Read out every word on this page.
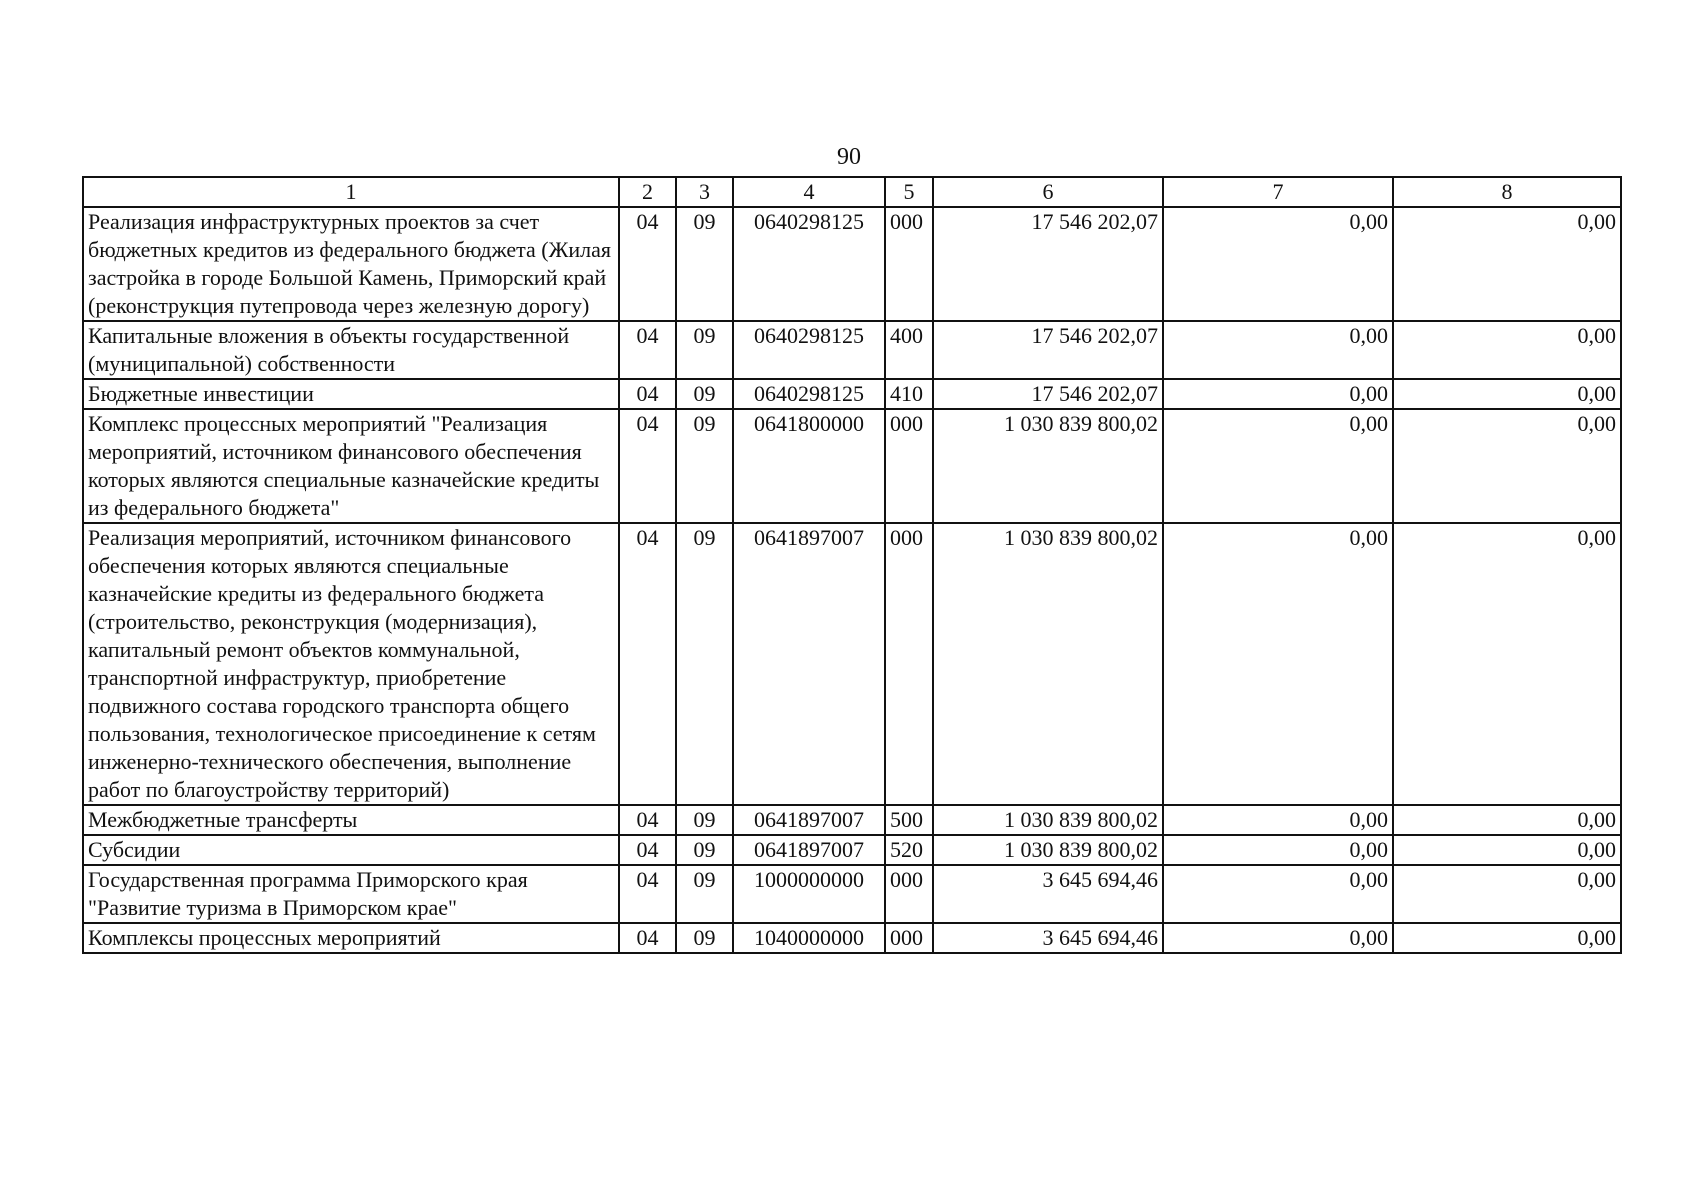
90
1	2	3	4	5	6	7	8
Реализация инфраструктурных проектов за счет бюджетных кредитов из федерального бюджета (Жилая застройка в городе Большой Камень, Приморский край (реконструкция путепровода через железную дорогу)	04	09	0640298125	000	17 546 202,07	0,00	0,00
Капитальные вложения в объекты государственной (муниципальной) собственности	04	09	0640298125	400	17 546 202,07	0,00	0,00
Бюджетные инвестиции	04	09	0640298125	410	17 546 202,07	0,00	0,00
Комплекс процессных мероприятий "Реализация мероприятий, источником финансового обеспечения которых являются специальные казначейские кредиты из федерального бюджета"	04	09	0641800000	000	1 030 839 800,02	0,00	0,00
Реализация мероприятий, источником финансового обеспечения которых являются специальные казначейские кредиты из федерального бюджета (строительство, реконструкция (модернизация), капитальный ремонт объектов коммунальной, транспортной инфраструктур, приобретение подвижного состава городского транспорта общего пользования, технологическое присоединение к сетям инженерно-технического обеспечения, выполнение работ по благоустройству территорий)	04	09	0641897007	000	1 030 839 800,02	0,00	0,00
Межбюджетные трансферты	04	09	0641897007	500	1 030 839 800,02	0,00	0,00
Субсидии	04	09	0641897007	520	1 030 839 800,02	0,00	0,00
Государственная программа Приморского края "Развитие туризма в Приморском крае"	04	09	1000000000	000	3 645 694,46	0,00	0,00
Комплексы процессных мероприятий	04	09	1040000000	000	3 645 694,46	0,00	0,00
